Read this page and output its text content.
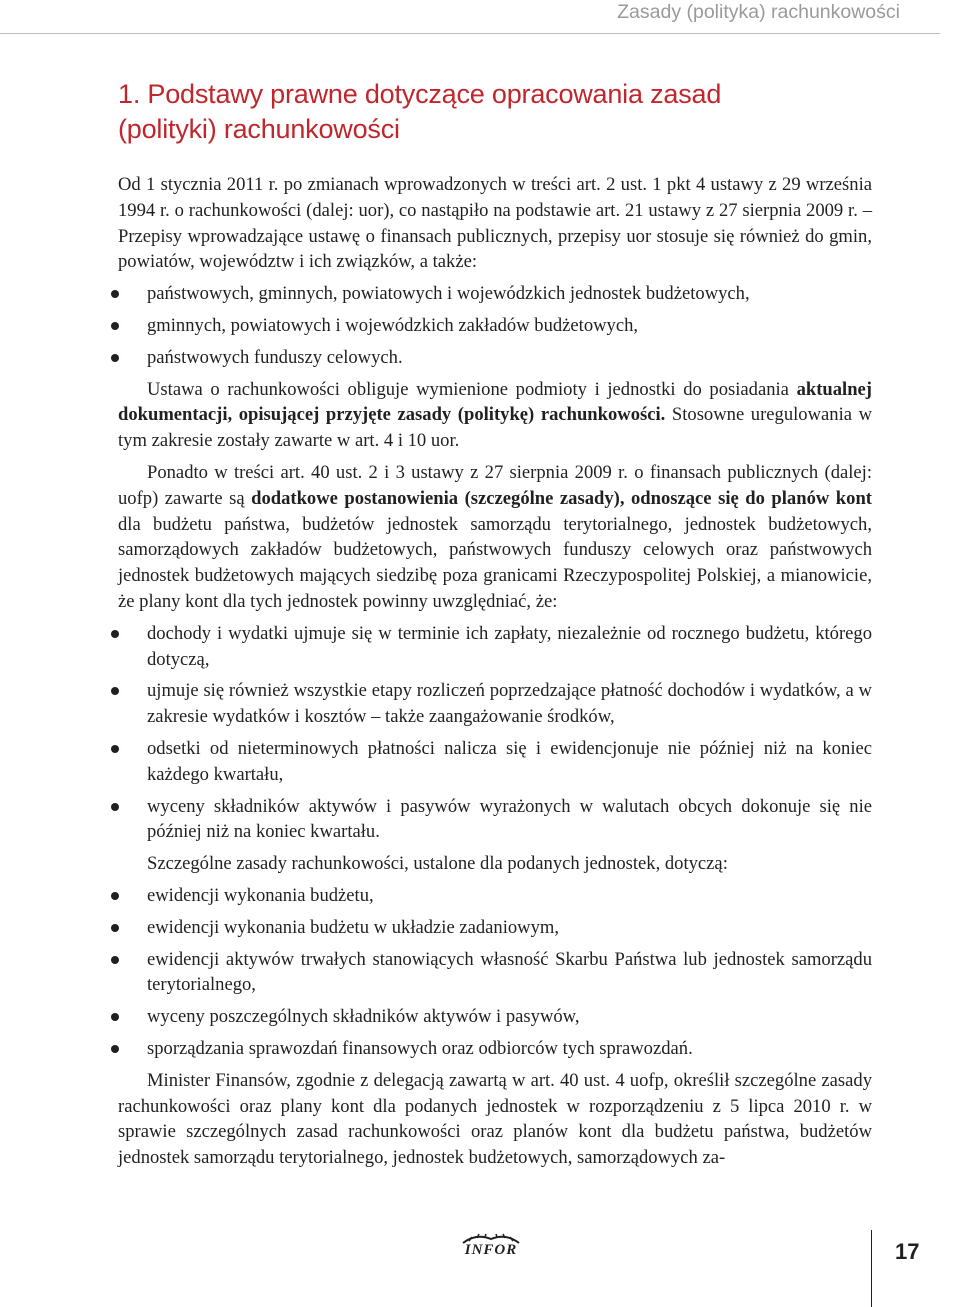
Zasady (polityka) rachunkowości
1. Podstawy prawne dotyczące opracowania zasad
(polityki) rachunkowości

Od 1 stycznia 2011 r. po zmianach wprowadzonych w treści art. 2 ust. 1 pkt 4 ustawy z 29 września 1994 r. o rachunkowości (dalej: uor), co nastąpiło na podstawie art. 21 ustawy z 27 sierpnia 2009 r. – Przepisy wprowadzające ustawę o finansach publicznych, przepisy uor stosuje się również do gmin, powiatów, województw i ich związków, a także:

państwowych, gminnych, powiatowych i wojewódzkich jednostek budżetowych,
gminnych, powiatowych i wojewódzkich zakładów budżetowych,
państwowych funduszy celowych.

Ustawa o rachunkowości obliguje wymienione podmioty i jednostki do posiadania aktualnej dokumentacji, opisującej przyjęte zasady (politykę) rachunkowości. Stosowne uregulowania w tym zakresie zostały zawarte w art. 4 i 10 uor.

Ponadto w treści art. 40 ust. 2 i 3 ustawy z 27 sierpnia 2009 r. o finansach publicznych (dalej: uofp) zawarte są dodatkowe postanowienia (szczególne zasady), odnoszące się do planów kont dla budżetu państwa, budżetów jednostek samorządu terytorialnego, jednostek budżetowych, samorządowych zakładów budżetowych, państwowych funduszy celowych oraz państwowych jednostek budżetowych mających siedzibę poza granicami Rzeczypospolitej Polskiej, a mianowicie, że plany kont dla tych jednostek powinny uwzględniać, że:

dochody i wydatki ujmuje się w terminie ich zapłaty, niezależnie od rocznego budżetu, którego dotyczą,
ujmuje się również wszystkie etapy rozliczeń poprzedzające płatność dochodów i wydatków, a w zakresie wydatków i kosztów – także zaangażowanie środków,
odsetki od nieterminowych płatności nalicza się i ewidencjonuje nie później niż na koniec każdego kwartału,
wyceny składników aktywów i pasywów wyrażonych w walutach obcych dokonuje się nie później niż na koniec kwartału.

Szczególne zasady rachunkowości, ustalone dla podanych jednostek, dotyczą:

ewidencji wykonania budżetu,
ewidencji wykonania budżetu w układzie zadaniowym,
ewidencji aktywów trwałych stanowiących własność Skarbu Państwa lub jednostek samorządu terytorialnego,
wyceny poszczególnych składników aktywów i pasywów,
sporządzania sprawozdań finansowych oraz odbiorców tych sprawozdań.

Minister Finansów, zgodnie z delegacją zawartą w art. 40 ust. 4 uofp, określił szczególne zasady rachunkowości oraz plany kont dla podanych jednostek w rozporządzeniu z 5 lipca 2010 r. w sprawie szczególnych zasad rachunkowości oraz planów kont dla budżetu państwa, budżetów jednostek samorządu terytorialnego, jednostek budżetowych, samorządowych za-

INFOR	17
